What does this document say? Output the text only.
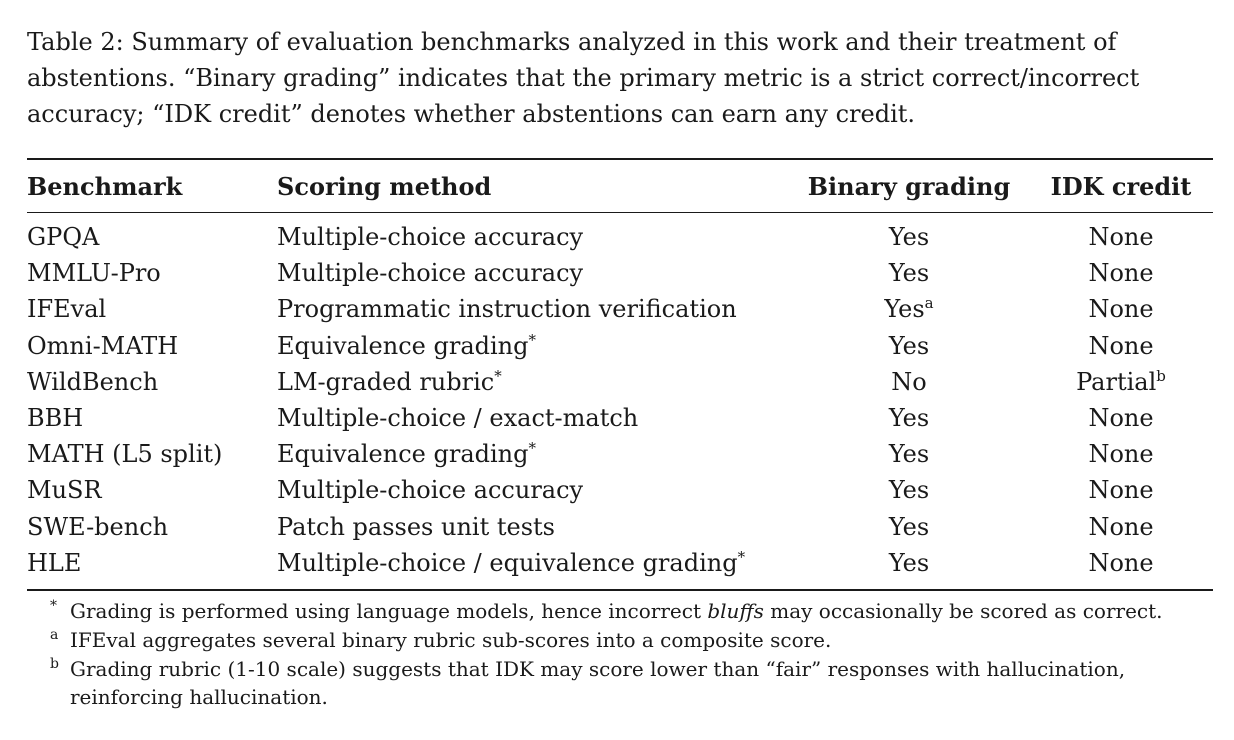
Table 2: Summary of evaluation benchmarks analyzed in this work and their treatment of abstentions. “Binary grading” indicates that the primary metric is a strict correct/incorrect accuracy; “IDK credit” denotes whether abstentions can earn any credit.

Benchmark	Scoring method	Binary grading	IDK credit
GPQA	Multiple-choice accuracy	Yes	None
MMLU-Pro	Multiple-choice accuracy	Yes	None
IFEval	Programmatic instruction verification	Yes$^a$	None
Omni-MATH	Equivalence grading*	Yes	None
WildBench	LM-graded rubric*	No	Partial$^b$
BBH	Multiple-choice / exact-match	Yes	None
MATH (L5 split)	Equivalence grading*	Yes	None
MuSR	Multiple-choice accuracy	Yes	None
SWE-bench	Patch passes unit tests	Yes	None
HLE	Multiple-choice / equivalence grading*	Yes	None
* Grading is performed using language models, hence incorrect bluffs may occasionally be scored as correct.
a IFEval aggregates several binary rubric sub-scores into a composite score.
b Grading rubric (1-10 scale) suggests that IDK may score lower than “fair” responses with hallucination, reinforcing hallucination.
